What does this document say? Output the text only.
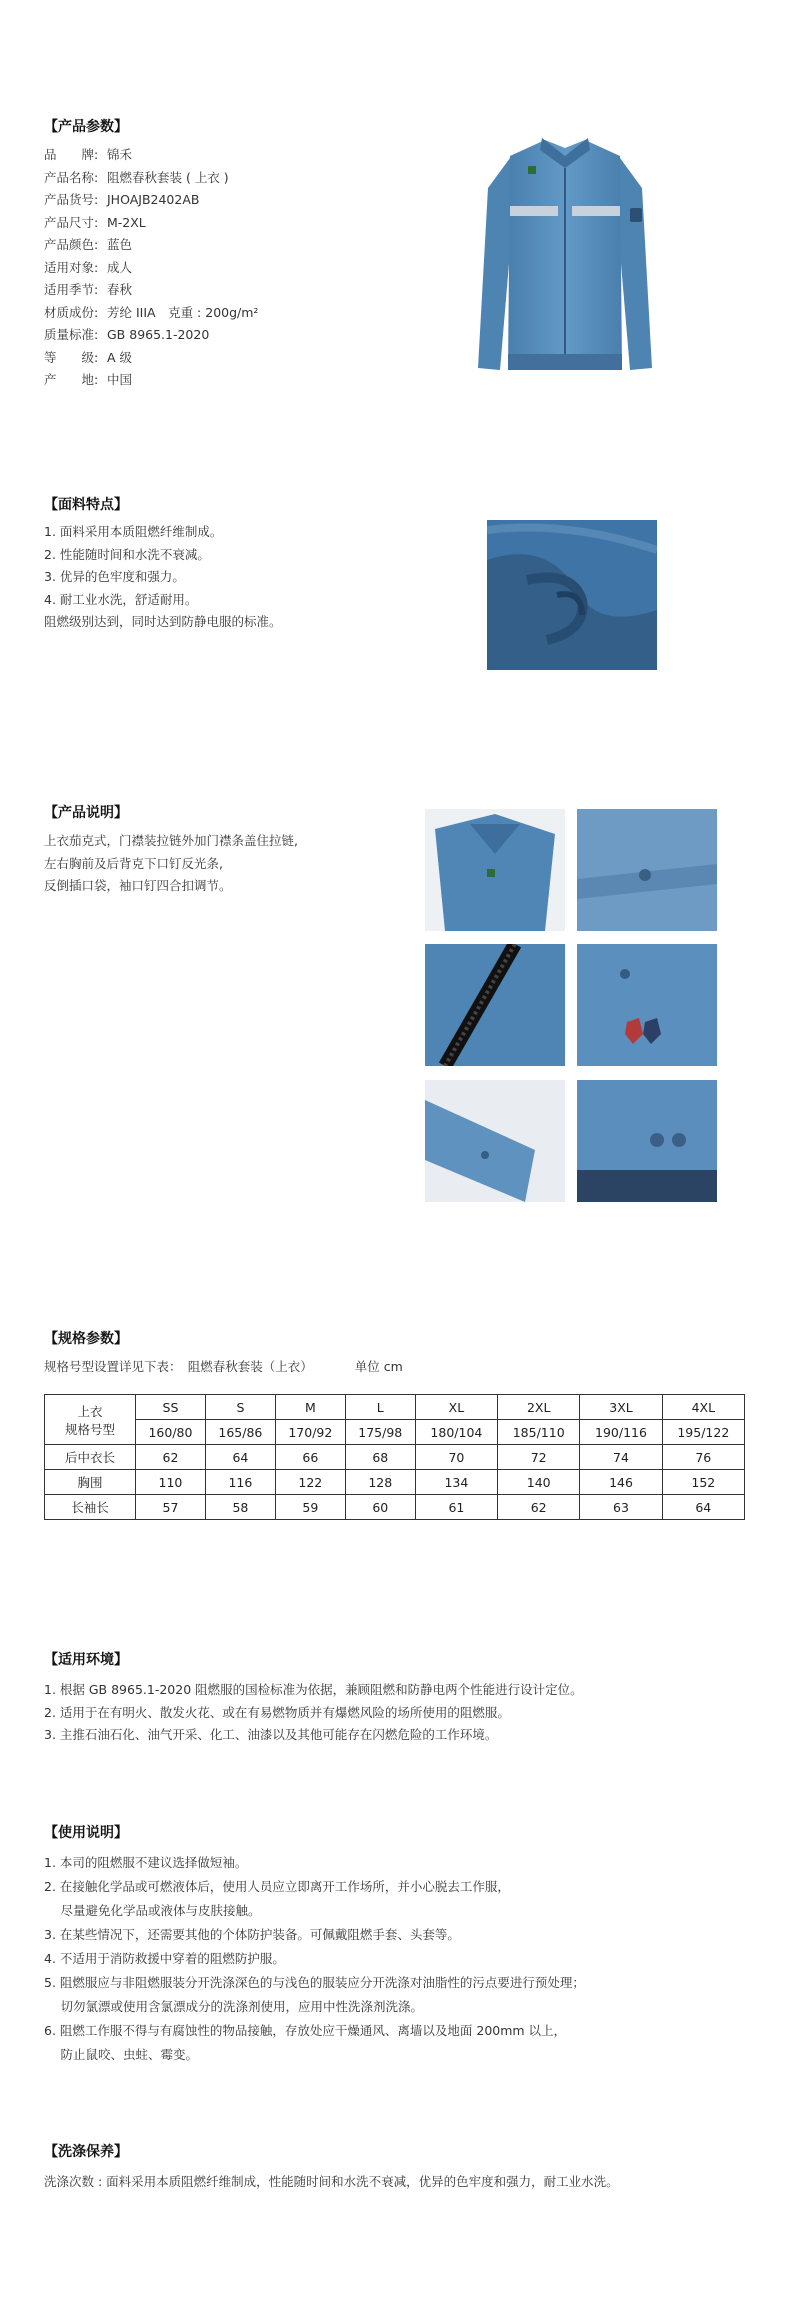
【产品参数】
品　　牌: 锦禾
产品名称: 阻燃春秋套装 ( 上衣 )
产品货号: JHOAJB2402AB
产品尺寸: M-2XL
产品颜色: 蓝色
适用对象: 成人
适用季节: 春秋
材质成份: 芳纶 IIIA　克重 : 200g/m²
质量标准: GB 8965.1-2020
等　　级: A 级
产　　地: 中国
【面料特点】
1. 面料采用本质阻燃纤维制成。
2. 性能随时间和水洗不衰减。
3. 优异的色牢度和强力。
4. 耐工业水洗，舒适耐用。
阻燃级别达到，同时达到防静电服的标准。
【产品说明】
上衣茄克式，门襟装拉链外加门襟条盖住拉链,
左右胸前及后背克下口钉反光条,
反倒插口袋，袖口钉四合扣调节。
【规格参数】
规格号型设置详见下表：　阻燃春秋套装（上衣）	单位 cm
上衣
规格号型	SS	S	M	L	XL	2XL	3XL	4XL
	160/80	165/86	170/92	175/98	180/104	185/110	190/116	195/122
后中衣长	62	64	66	68	70	72	74	76
胸围	110	116	122	128	134	140	146	152
长袖长	57	58	59	60	61	62	63	64
【适用环境】
1. 根据 GB 8965.1-2020 阻燃服的国检标准为依据，兼顾阻燃和防静电两个性能进行设计定位。
2. 适用于在有明火、散发火花、或在有易燃物质并有爆燃风险的场所使用的阻燃服。
3. 主推石油石化、油气开采、化工、油漆以及其他可能存在闪燃危险的工作环境。
【使用说明】
1. 本司的阻燃服不建议选择做短袖。
2. 在接触化学品或可燃液体后，使用人员应立即离开工作场所，并小心脱去工作服，
　 尽量避免化学品或液体与皮肤接触。
3. 在某些情况下，还需要其他的个体防护装备。可佩戴阻燃手套、头套等。
4. 不适用于消防救援中穿着的阻燃防护服。
5. 阻燃服应与非阻燃服装分开洗涤深色的与浅色的服装应分开洗涤对油脂性的污点要进行预处理；
　 切勿氯漂或使用含氯漂成分的洗涤剂使用，应用中性洗涤剂洗涤。
6. 阻燃工作服不得与有腐蚀性的物品接触，存放处应干燥通风、离墙以及地面 200mm 以上，
　 防止鼠咬、虫蛀、霉变。
【洗涤保养】
洗涤次数 : 面料采用本质阻燃纤维制成，性能随时间和水洗不衰减，优异的色牢度和强力，耐工业水洗。
